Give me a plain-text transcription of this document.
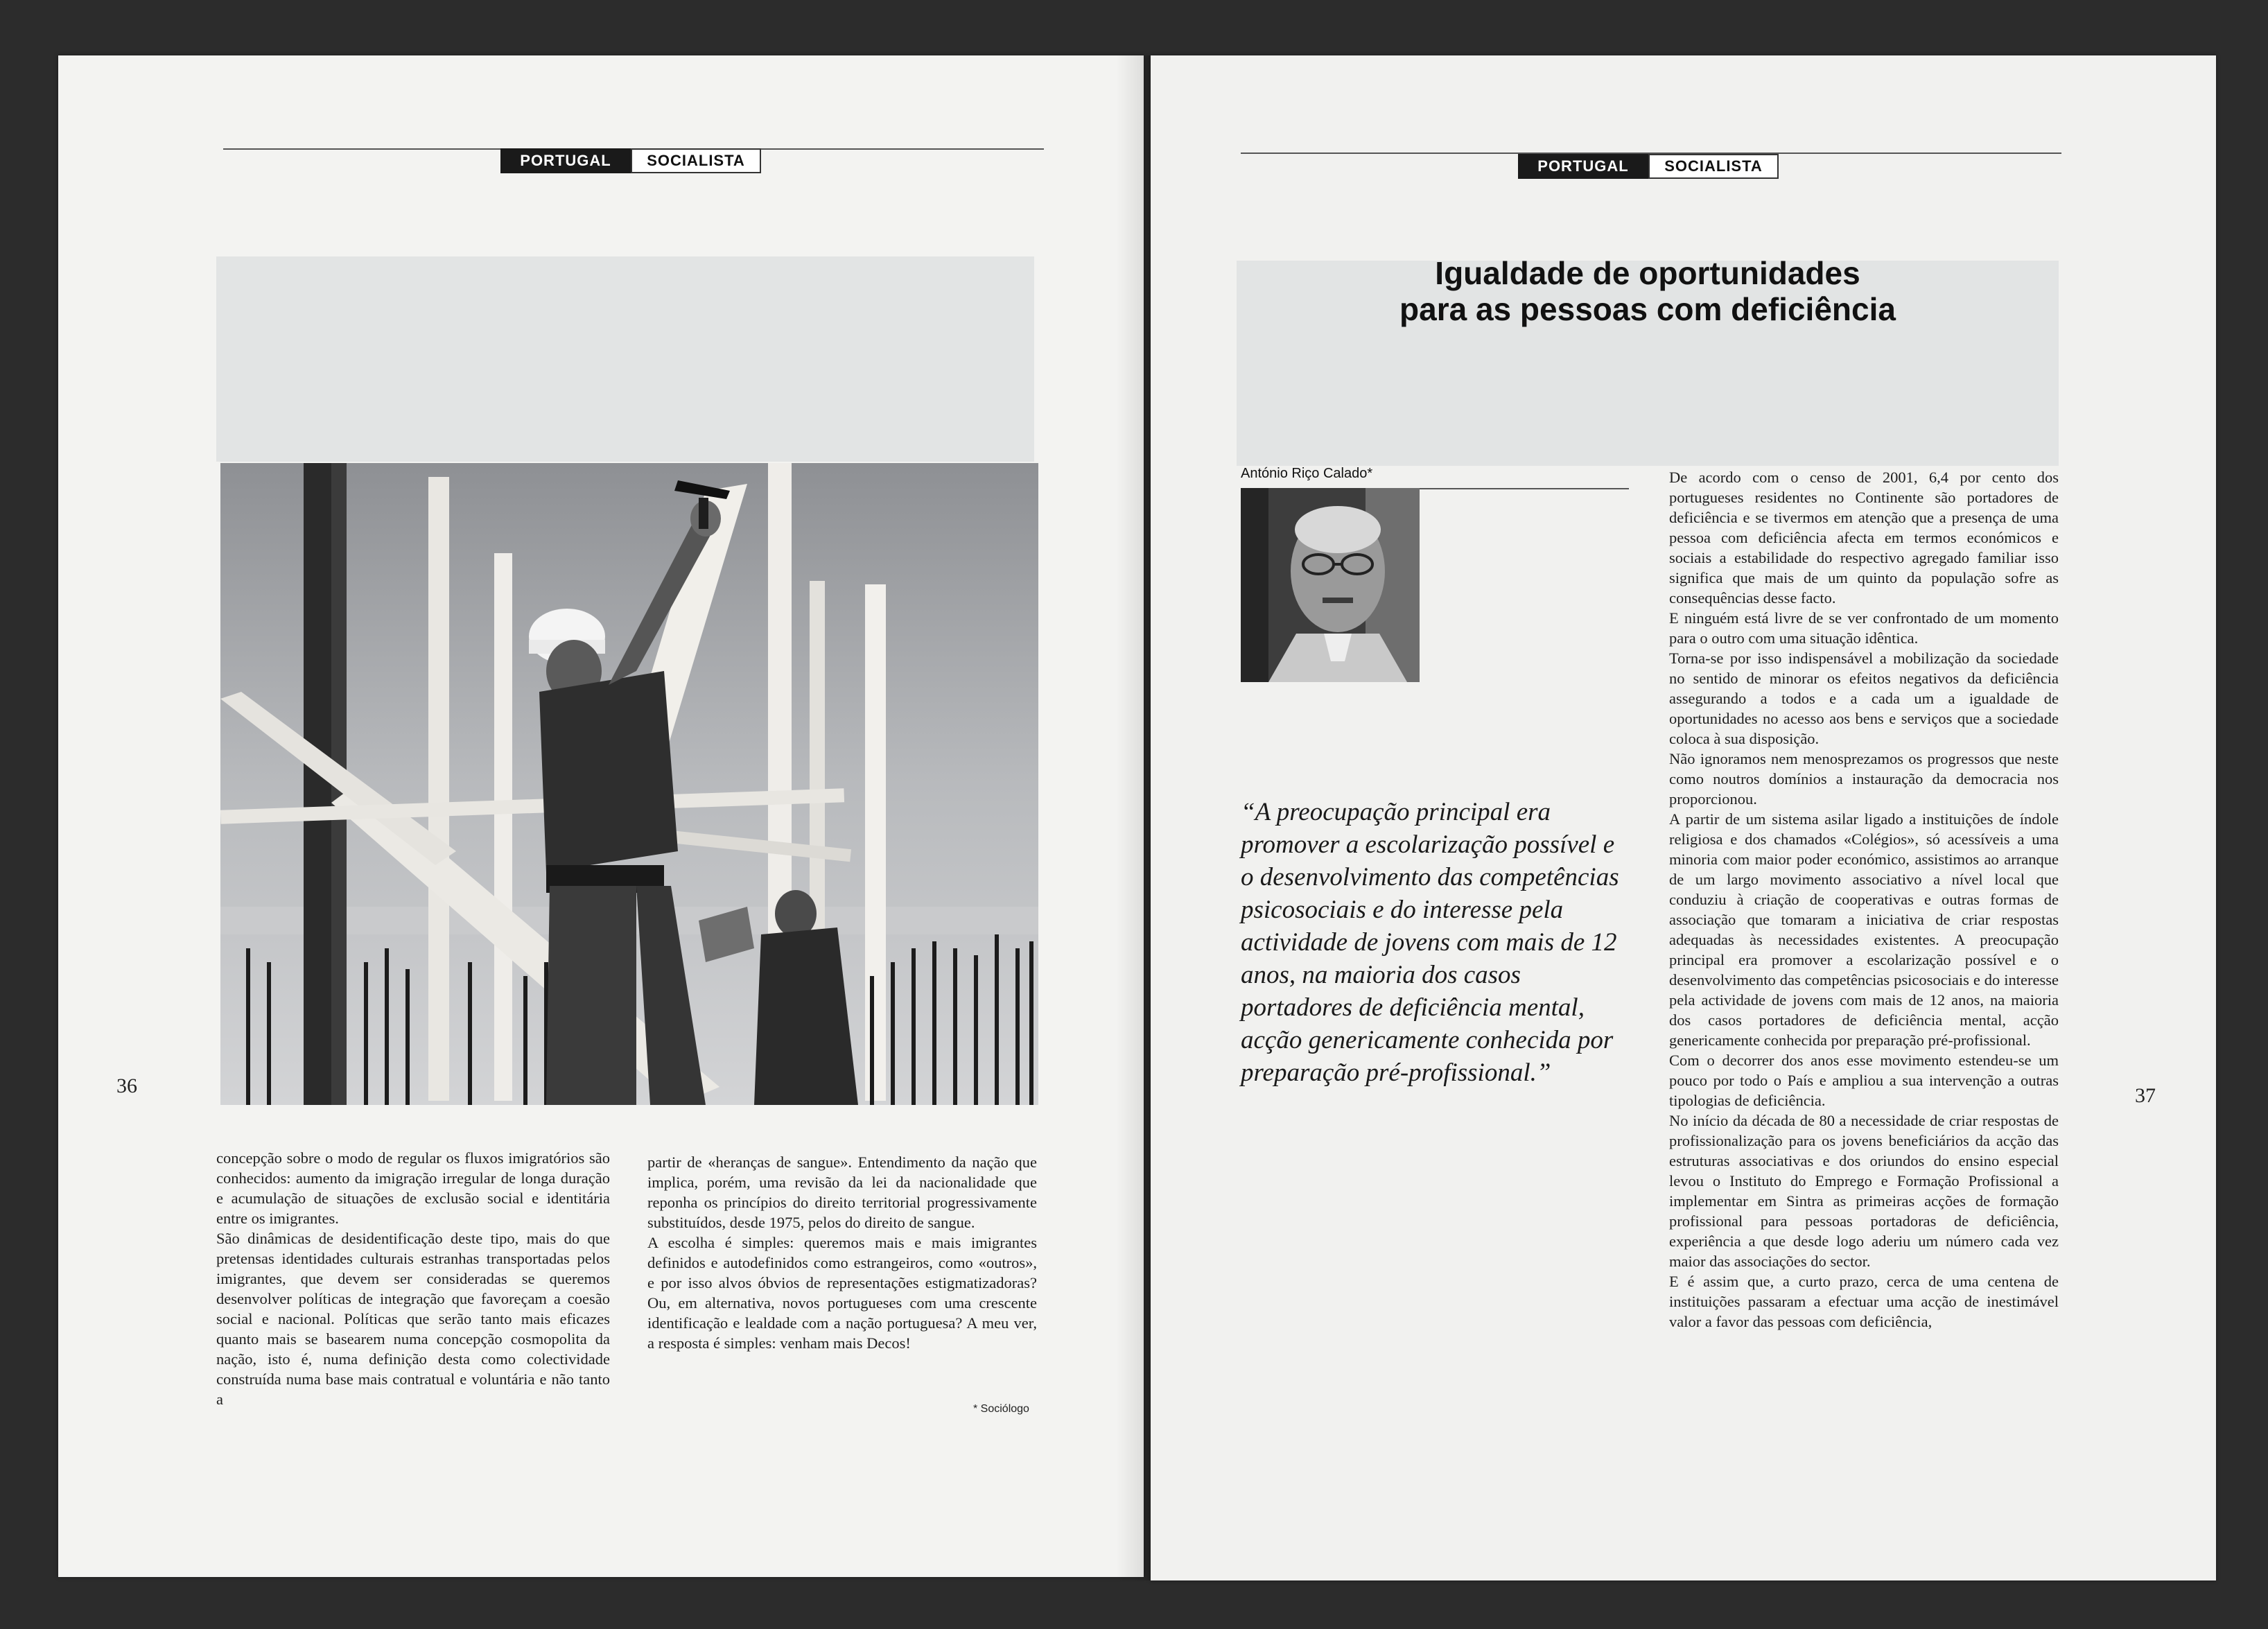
PORTUGAL	SOCIALISTA
36

concepção sobre o modo de regular os fluxos imigratórios são conhecidos: aumento da imigração irregular de longa duração e acumulação de situações de exclusão social e identitária entre os imigrantes.

São dinâmicas de desidentificação deste tipo, mais do que pretensas identidades culturais estranhas transportadas pelos imigrantes, que devem ser consideradas se queremos desenvolver políticas de integração que favoreçam a coesão social e nacional. Políticas que serão tanto mais eficazes quanto mais se basearem numa concepção cosmopolita da nação, isto é, numa definição desta como colectividade construída numa base mais contratual e voluntária e não tanto a

partir de «heranças de sangue». Entendimento da nação que implica, porém, uma revisão da lei da nacionalidade que reponha os princípios do direito territorial progressivamente substituídos, desde 1975, pelos do direito de sangue.

A escolha é simples: queremos mais e mais imigrantes definidos e autodefinidos como estrangeiros, como «outros», e por isso alvos óbvios de representações estigmatizadoras? Ou, em alternativa, novos portugueses com uma crescente identificação e lealdade com a nação portuguesa? A meu ver, a resposta é simples: venham mais Decos!

* Sociólogo
PORTUGAL	SOCIALISTA
Igualdade de oportunidades
para as pessoas com deficiência
António Riço Calado*
“A preocupação principal era promover a escolarização possível e o desenvolvimento das competências psicosociais e do interesse pela actividade de jovens com mais de 12 anos, na maioria dos casos portadores de deficiência mental, acção genericamente conhecida por preparação pré-profissional.”

De acordo com o censo de 2001, 6,4 por cento dos portugueses residentes no Continente são portadores de deficiência e se tivermos em atenção que a presença de uma pessoa com deficiência afecta em termos económicos e sociais a estabilidade do respectivo agregado familiar isso significa que mais de um quinto da população sofre as consequências desse facto.

E ninguém está livre de se ver confrontado de um momento para o outro com uma situação idêntica.

Torna-se por isso indispensável a mobilização da sociedade no sentido de minorar os efeitos negativos da deficiência assegurando a todos e a cada um a igualdade de oportunidades no acesso aos bens e serviços que a sociedade coloca à sua disposição.

Não ignoramos nem menosprezamos os progressos que neste como noutros domínios a instauração da democracia nos proporcionou.

A partir de um sistema asilar ligado a instituições de índole religiosa e dos chamados «Colégios», só acessíveis a uma minoria com maior poder económico, assistimos ao arranque de um largo movimento associativo a nível local que conduziu à criação de cooperativas e outras formas de associação que tomaram a iniciativa de criar respostas adequadas às necessidades existentes. A preocupação principal era promover a escolarização possível e o desenvolvimento das competências psicosociais e do interesse pela actividade de jovens com mais de 12 anos, na maioria dos casos portadores de deficiência mental, acção genericamente conhecida por preparação pré-profissional.

Com o decorrer dos anos esse movimento estendeu-se um pouco por todo o País e ampliou a sua intervenção a outras tipologias de deficiência.

No início da década de 80 a necessidade de criar respostas de profissionalização para os jovens beneficiários da acção das estruturas associativas e dos oriundos do ensino especial levou o Instituto do Emprego e Formação Profissional a implementar em Sintra as primeiras acções de formação profissional para pessoas portadoras de deficiência, experiência a que desde logo aderiu um número cada vez maior das associações do sector.

E é assim que, a curto prazo, cerca de uma centena de instituições passaram a efectuar uma acção de inestimável valor a favor das pessoas com deficiência,

37
